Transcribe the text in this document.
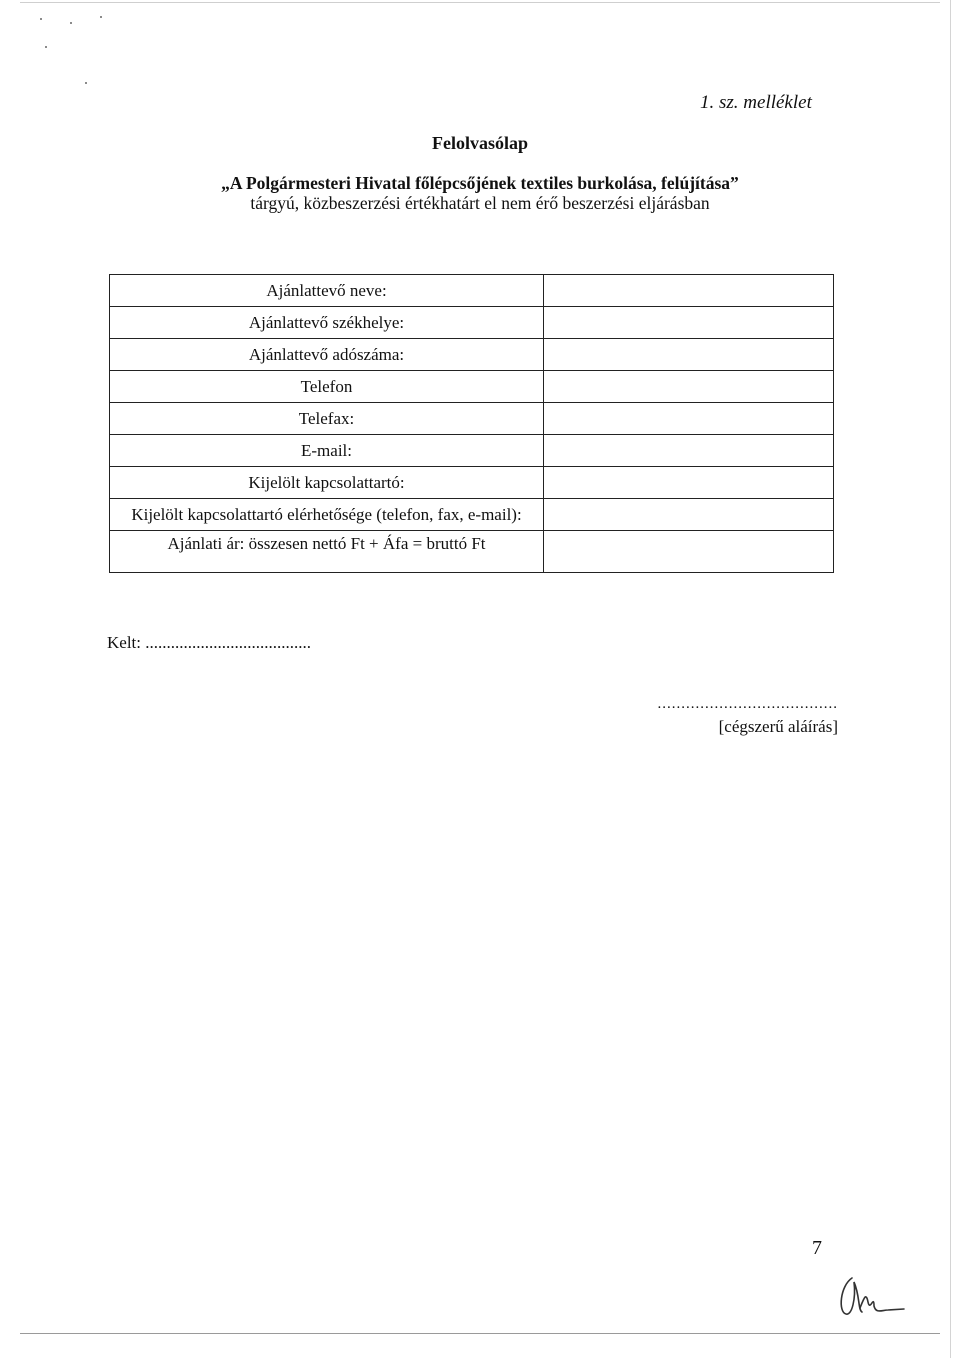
1. sz. melléklet
Felolvasólap
„A Polgármesteri Hivatal főlépcsőjének textiles burkolása, felújítása”
tárgyú, közbeszerzési értékhatárt el nem érő beszerzési eljárásban
Ajánlattevő neve:	
Ajánlattevő székhelye:	
Ajánlattevő adószáma:	
Telefon	
Telefax:	
E-mail:	
Kijelölt kapcsolattartó:	
Kijelölt kapcsolattartó elérhetősége (telefon, fax, e-mail):	
Ajánlati ár: összesen nettó Ft + Áfa = bruttó Ft	
Kelt: .......................................
......................................
[cégszerű aláírás]
7
